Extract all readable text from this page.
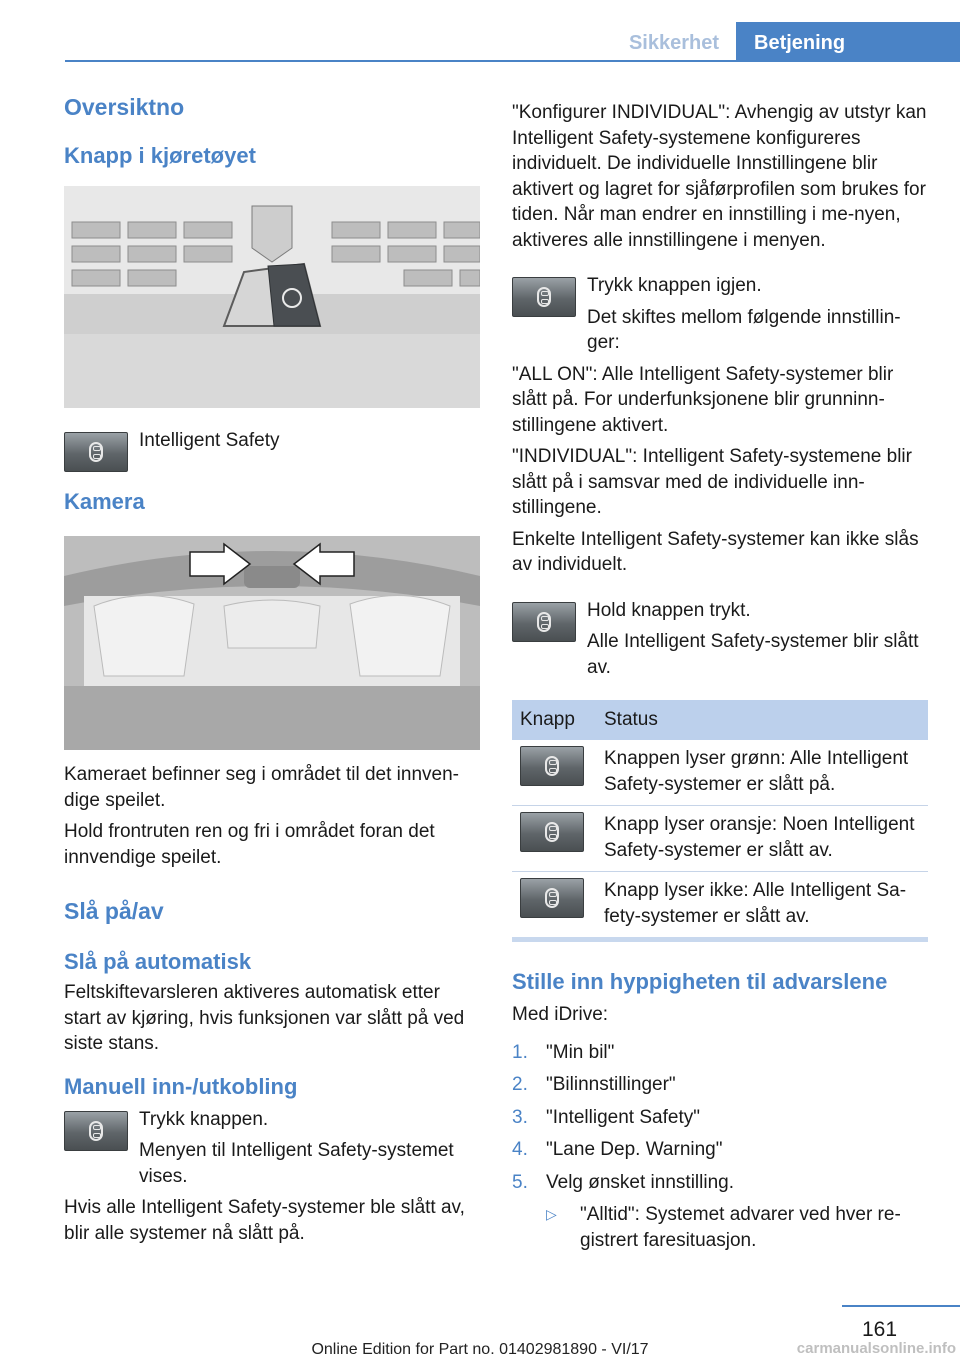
Sikkerhet	Betjening
Oversiktno
Knapp i kjøretøyet
Intelligent Safety
Kamera
Kameraet befinner seg i området til det innven-dige speilet.
Hold frontruten ren og fri i området foran det innvendige speilet.
Slå på/av
Slå på automatisk
Feltskiftevarsleren aktiveres automatisk etter start av kjøring, hvis funksjonen var slått på ved siste stans.
Manuell inn-/utkobling
Trykk knappen.
Menyen til Intelligent Safety-systemet vises.
Hvis alle Intelligent Safety-systemer ble slått av, blir alle systemer nå slått på.
"Konfigurer INDIVIDUAL": Avhengig av utstyr kan Intelligent Safety-systemene konfigureres individuelt. De individuelle Innstillingene blir aktivert og lagret for sjåførprofilen som brukes for tiden. Når man endrer en innstilling i me-nyen, aktiveres alle innstillingene i menyen.
Trykk knappen igjen.
Det skiftes mellom følgende innstillin-ger:
"ALL ON": Alle Intelligent Safety-systemer blir slått på. For underfunksjonene blir grunninn-stillingene aktivert.
"INDIVIDUAL": Intelligent Safety-systemene blir slått på i samsvar med de individuelle inn-stillingene.
Enkelte Intelligent Safety-systemer kan ikke slås av individuelt.
Hold knappen trykt.
Alle Intelligent Safety-systemer blir slått av.
Knapp	Status

	Knappen lyser grønn: Alle Intelligent Safety-systemer er slått på.

	Knapp lyser oransje: Noen Intelligent Safety-systemer er slått av.

	Knapp lyser ikke: Alle Intelligent Sa-fety-systemer er slått av.
Stille inn hyppigheten til advarslene
Med iDrive:
1. "Min bil"
2. "Bilinnstillinger"
3. "Intelligent Safety"
4. "Lane Dep. Warning"
5. Velg ønsket innstilling.
▷ "Alltid": Systemet advarer ved hver re-gistrert faresituasjon.
161
Online Edition for Part no. 01402981890 - VI/17	carmanualsonline.info
